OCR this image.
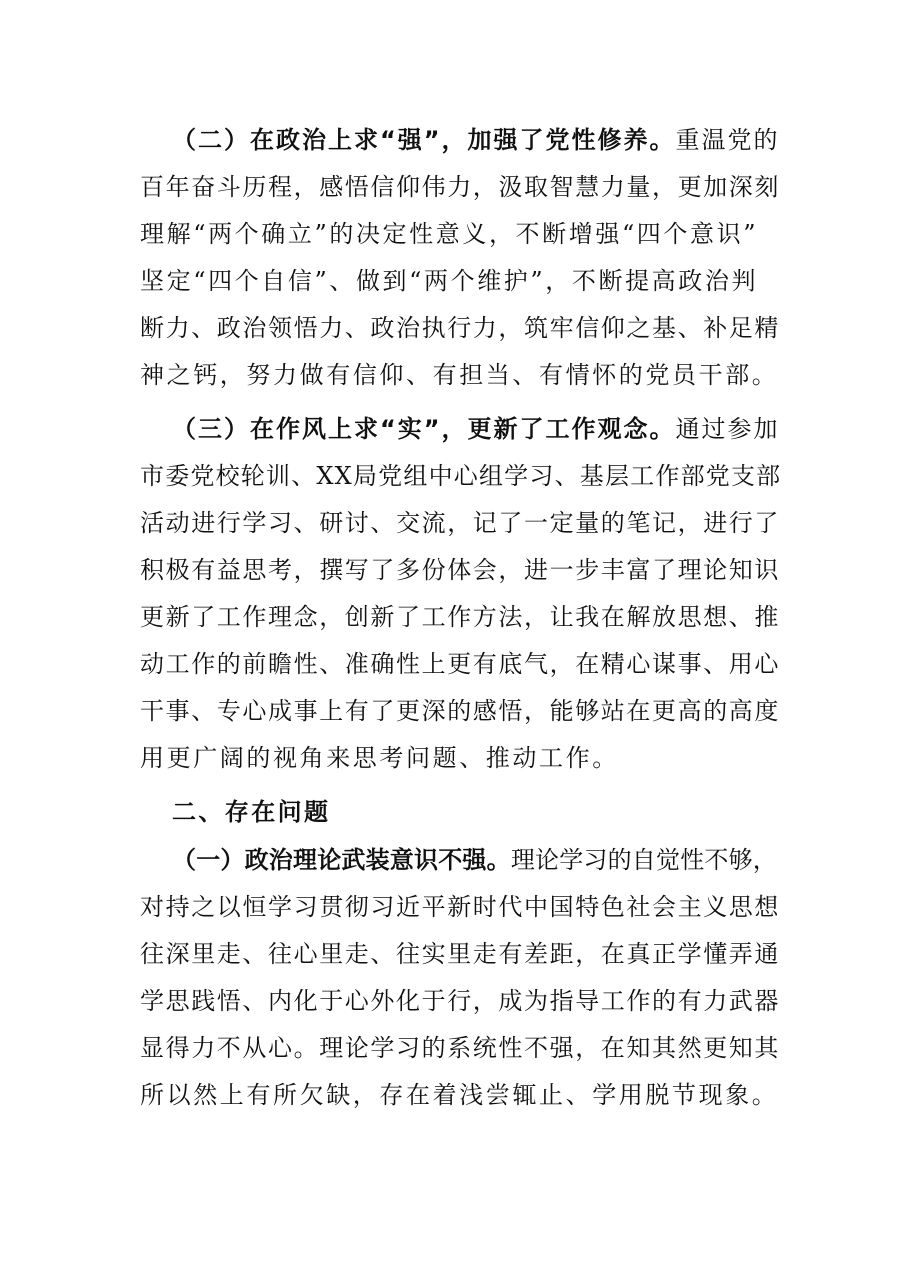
（二）在政治上求“强”，加强了党性修养。重温党的
百年奋斗历程，感悟信仰伟力，汲取智慧力量，更加深刻
理解“两个确立”的决定性意义，不断增强“四个意识”
坚定“四个自信”、做到“两个维护”，不断提高政治判
断力、政治领悟力、政治执行力，筑牢信仰之基、补足精
神之钙，努力做有信仰、有担当、有情怀的党员干部。
（三）在作风上求“实”，更新了工作观念。通过参加
市委党校轮训、XX局党组中心组学习、基层工作部党支部
活动进行学习、研讨、交流，记了一定量的笔记，进行了
积极有益思考，撰写了多份体会，进一步丰富了理论知识
更新了工作理念，创新了工作方法，让我在解放思想、推
动工作的前瞻性、准确性上更有底气，在精心谋事、用心
干事、专心成事上有了更深的感悟，能够站在更高的高度
用更广阔的视角来思考问题、推动工作。
二、存在问题
（一）政治理论武装意识不强。理论学习的自觉性不够，
对持之以恒学习贯彻习近平新时代中国特色社会主义思想
往深里走、往心里走、往实里走有差距，在真正学懂弄通
学思践悟、内化于心外化于行，成为指导工作的有力武器
显得力不从心。理论学习的系统性不强，在知其然更知其
所以然上有所欠缺，存在着浅尝辄止、学用脱节现象。
